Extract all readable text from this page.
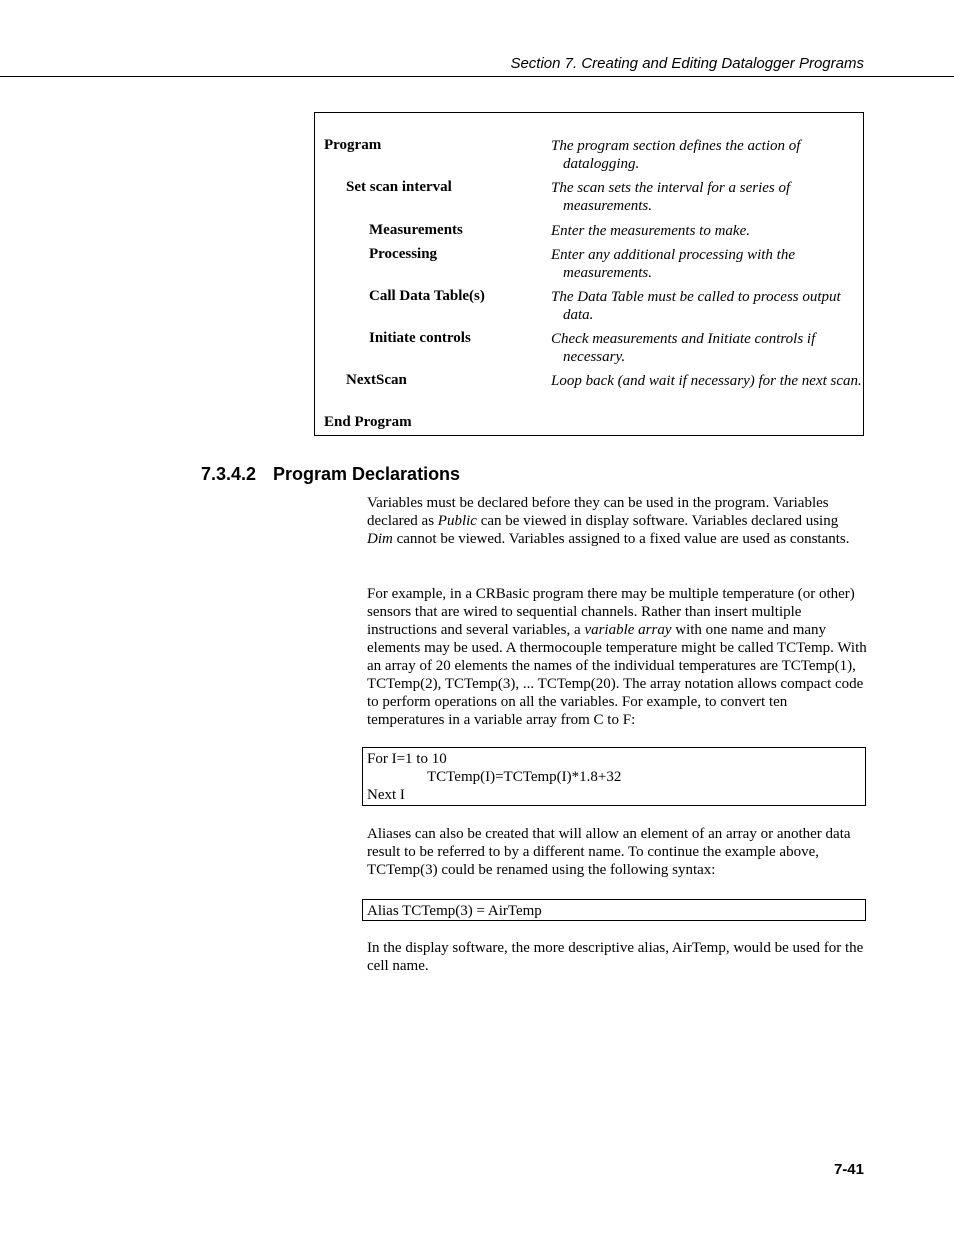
Section 7. Creating and Editing Datalogger Programs
Program	The program section defines the action of datalogging.
Set scan interval	The scan sets the interval for a series of measurements.
Measurements	Enter the measurements to make.
Processing	Enter any additional processing with the measurements.
Call Data Table(s)	The Data Table must be called to process output data.
Initiate controls	Check measurements and Initiate controls if necessary.
NextScan	Loop back (and wait if necessary) for the next scan.
End Program
7.3.4.2 Program Declarations
Variables must be declared before they can be used in the program. Variables declared as Public can be viewed in display software. Variables declared using Dim cannot be viewed. Variables assigned to a fixed value are used as constants.
For example, in a CRBasic program there may be multiple temperature (or other) sensors that are wired to sequential channels. Rather than insert multiple instructions and several variables, a variable array with one name and many elements may be used. A thermocouple temperature might be called TCTemp. With an array of 20 elements the names of the individual temperatures are TCTemp(1), TCTemp(2), TCTemp(3), ... TCTemp(20). The array notation allows compact code to perform operations on all the variables. For example, to convert ten temperatures in a variable array from C to F:
For I=1 to 10
TCTemp(I)=TCTemp(I)*1.8+32
Next I
Aliases can also be created that will allow an element of an array or another data result to be referred to by a different name. To continue the example above, TCTemp(3) could be renamed using the following syntax:
Alias TCTemp(3) = AirTemp
In the display software, the more descriptive alias, AirTemp, would be used for the cell name.
7-41
